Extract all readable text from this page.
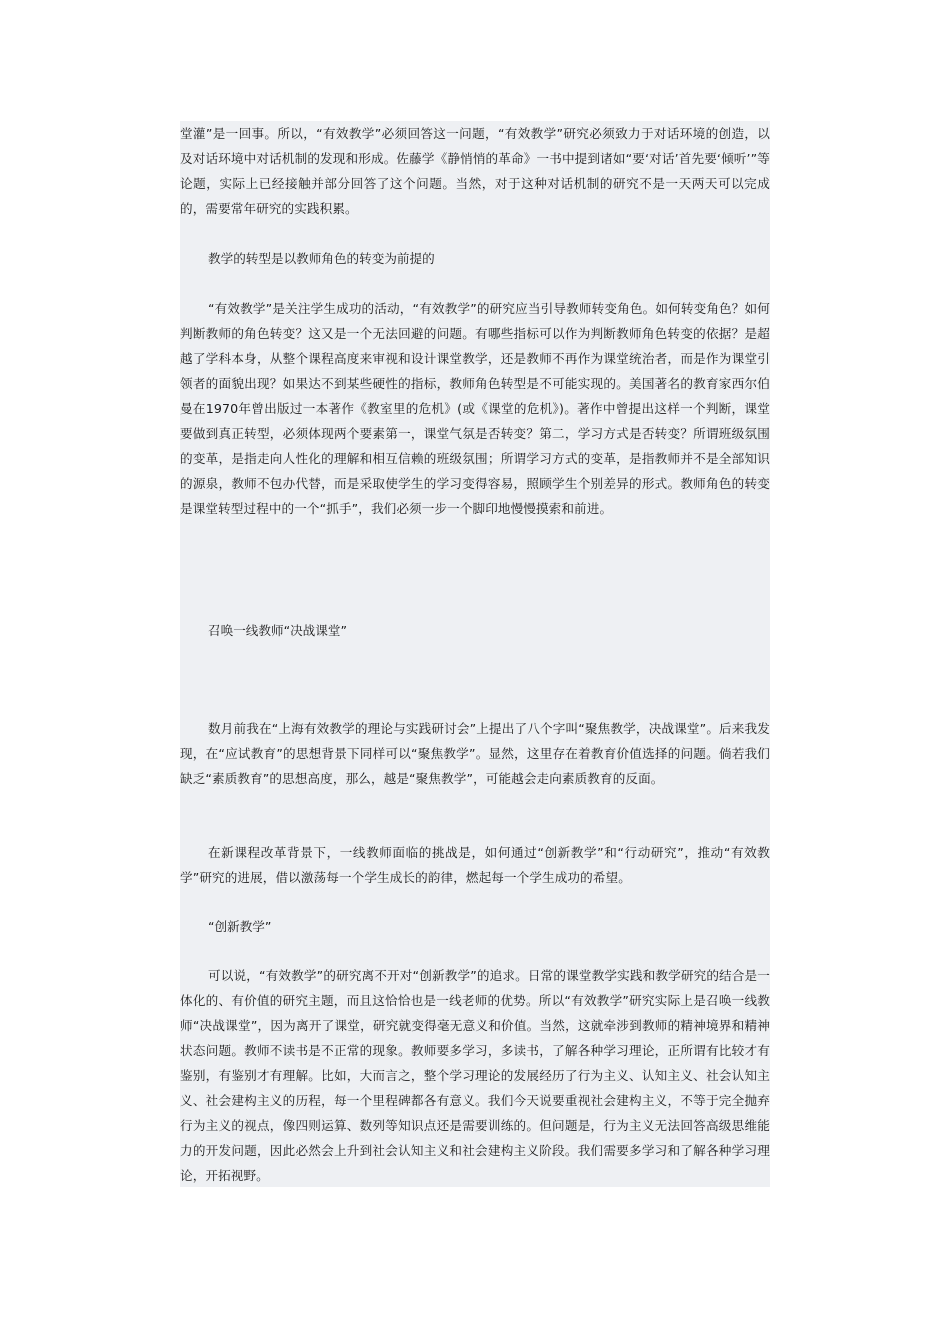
堂灌”是一回事。所以，“有效教学”必须回答这一问题，“有效教学”研究必须致力于对话环境的创造，以及对话环境中对话机制的发现和形成。佐藤学《静悄悄的革命》一书中提到诸如“要‘对话’首先要‘倾听’”等论题，实际上已经接触并部分回答了这个问题。当然，对于这种对话机制的研究不是一天两天可以完成的，需要常年研究的实践积累。

教学的转型是以教师角色的转变为前提的

“有效教学”是关注学生成功的活动，“有效教学”的研究应当引导教师转变角色。如何转变角色？如何判断教师的角色转变？这又是一个无法回避的问题。有哪些指标可以作为判断教师角色转变的依据？是超越了学科本身，从整个课程高度来审视和设计课堂教学，还是教师不再作为课堂统治者，而是作为课堂引领者的面貌出现？如果达不到某些硬性的指标，教师角色转型是不可能实现的。美国著名的教育家西尔伯曼在1970年曾出版过一本著作《教室里的危机》(或《课堂的危机》)。著作中曾提出这样一个判断，课堂要做到真正转型，必须体现两个要素第一，课堂气氛是否转变？第二，学习方式是否转变？所谓班级氛围的变革，是指走向人性化的理解和相互信赖的班级氛围；所谓学习方式的变革，是指教师并不是全部知识的源泉，教师不包办代替，而是采取使学生的学习变得容易，照顾学生个别差异的形式。教师角色的转变是课堂转型过程中的一个“抓手”，我们必须一步一个脚印地慢慢摸索和前进。

召唤一线教师“决战课堂”

数月前我在“上海有效教学的理论与实践研讨会”上提出了八个字叫“聚焦教学，决战课堂”。后来我发现，在“应试教育”的思想背景下同样可以“聚焦教学”。显然，这里存在着教育价值选择的问题。倘若我们缺乏“素质教育”的思想高度，那么，越是“聚焦教学”，可能越会走向素质教育的反面。

在新课程改革背景下，一线教师面临的挑战是，如何通过“创新教学”和“行动研究”，推动“有效教学”研究的进展，借以激荡每一个学生成长的韵律，燃起每一个学生成功的希望。

“创新教学”

可以说，“有效教学”的研究离不开对“创新教学”的追求。日常的课堂教学实践和教学研究的结合是一体化的、有价值的研究主题，而且这恰恰也是一线老师的优势。所以“有效教学”研究实际上是召唤一线教师“决战课堂”，因为离开了课堂，研究就变得毫无意义和价值。当然，这就牵涉到教师的精神境界和精神状态问题。教师不读书是不正常的现象。教师要多学习，多读书，了解各种学习理论，正所谓有比较才有鉴别，有鉴别才有理解。比如，大而言之，整个学习理论的发展经历了行为主义、认知主义、社会认知主义、社会建构主义的历程，每一个里程碑都各有意义。我们今天说要重视社会建构主义，不等于完全抛弃行为主义的视点，像四则运算、数列等知识点还是需要训练的。但问题是，行为主义无法回答高级思维能力的开发问题，因此必然会上升到社会认知主义和社会建构主义阶段。我们需要多学习和了解各种学习理论，开拓视野。
